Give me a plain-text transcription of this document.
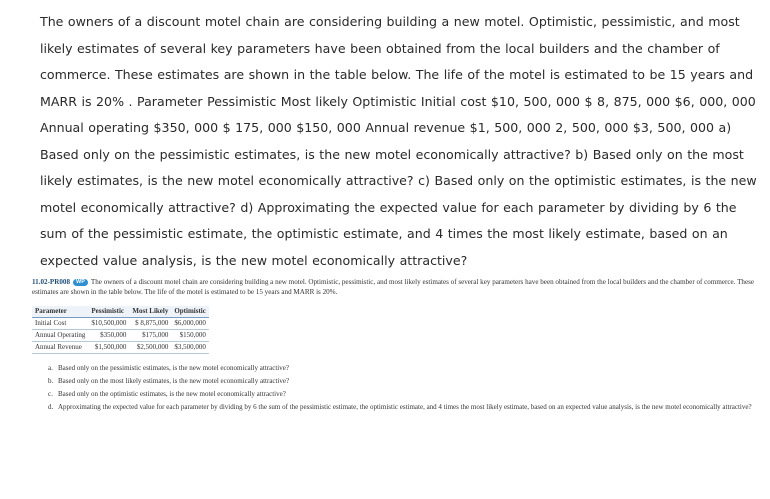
The owners of a discount motel chain are considering building a new motel. Optimistic, pessimistic, and most likely estimates of several key parameters have been obtained from the local builders and the chamber of commerce. These estimates are shown in the table below. The life of the motel is estimated to be 15 years and MARR is 20% . Parameter Pessimistic Most likely Optimistic Initial cost $10, 500, 000 $ 8, 875, 000 $6, 000, 000 Annual operating $350, 000 $ 175, 000 $150, 000 Annual revenue $1, 500, 000 2, 500, 000 $3, 500, 000 a) Based only on the pessimistic estimates, is the new motel economically attractive? b) Based only on the most likely estimates, is the new motel economically attractive? c) Based only on the optimistic estimates, is the new motel economically attractive? d) Approximating the expected value for each parameter by dividing by 6 the sum of the pessimistic estimate, the optimistic estimate, and 4 times the most likely estimate, based on an expected value analysis, is the new motel economically attractive?
11.02-PR008 WP The owners of a discount motel chain are considering building a new motel. Optimistic, pessimistic, and most likely estimates of several key parameters have been obtained from the local builders and the chamber of commerce. These estimates are shown in the table below. The life of the motel is estimated to be 15 years and MARR is 20%.
Parameter	Pessimistic	Most Likely	Optimistic
Initial Cost	$10,500,000	$ 8,875,000	$6,000,000
Annual Operating	$350,000	$175,000	$150,000
Annual Revenue	$1,500,000	$2,500,000	$3,500,000
a. Based only on the pessimistic estimates, is the new motel economically attractive?
b. Based only on the most likely estimates, is the new motel economically attractive?
c. Based only on the optimistic estimates, is the new motel economically attractive?
d. Approximating the expected value for each parameter by dividing by 6 the sum of the pessimistic estimate, the optimistic estimate, and 4 times the most likely estimate, based on an expected value analysis, is the new motel economically attractive?
